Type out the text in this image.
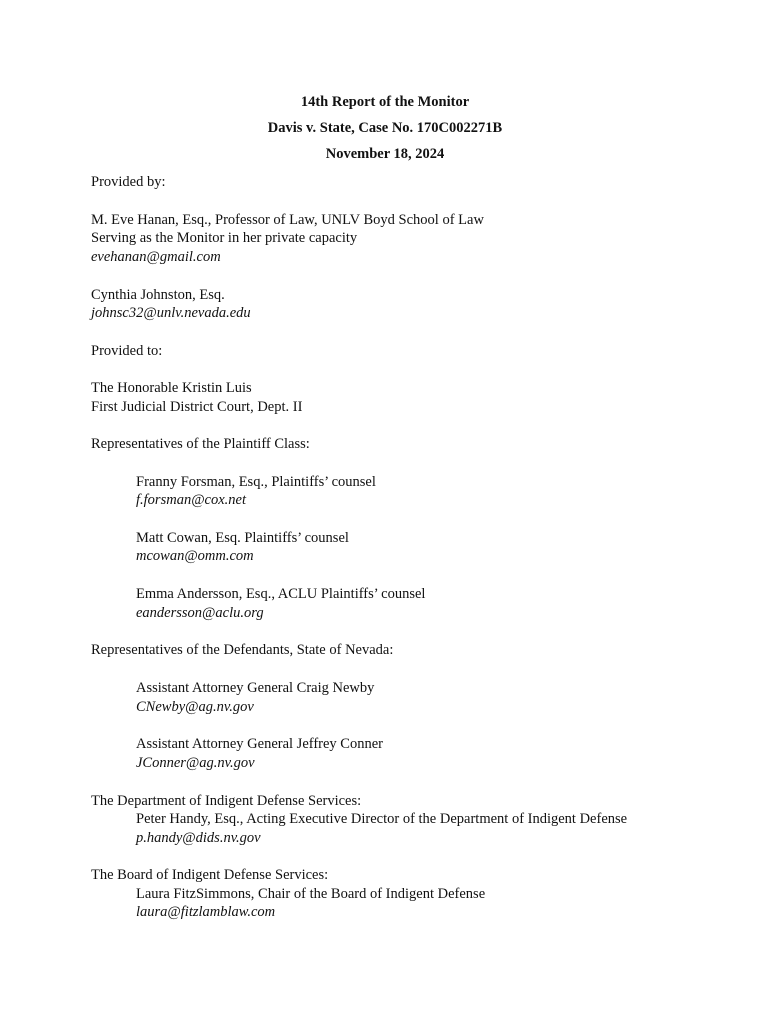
14th Report of the Monitor
Davis v. State, Case No. 170C002271B
November 18, 2024
Provided by:
M. Eve Hanan, Esq., Professor of Law, UNLV Boyd School of Law
Serving as the Monitor in her private capacity
evehanan@gmail.com
Cynthia Johnston, Esq.
johnsc32@unlv.nevada.edu
Provided to:
The Honorable Kristin Luis
First Judicial District Court, Dept. II
Representatives of the Plaintiff Class:
Franny Forsman, Esq., Plaintiffs’ counsel
f.forsman@cox.net
Matt Cowan, Esq. Plaintiffs’ counsel
mcowan@omm.com
Emma Andersson, Esq., ACLU Plaintiffs’ counsel
eandersson@aclu.org
Representatives of the Defendants, State of Nevada:
Assistant Attorney General Craig Newby
CNewby@ag.nv.gov
Assistant Attorney General Jeffrey Conner
JConner@ag.nv.gov
The Department of Indigent Defense Services:
Peter Handy, Esq., Acting Executive Director of the Department of Indigent Defense
p.handy@dids.nv.gov
The Board of Indigent Defense Services:
Laura FitzSimmons, Chair of the Board of Indigent Defense
laura@fitzlamblaw.com
